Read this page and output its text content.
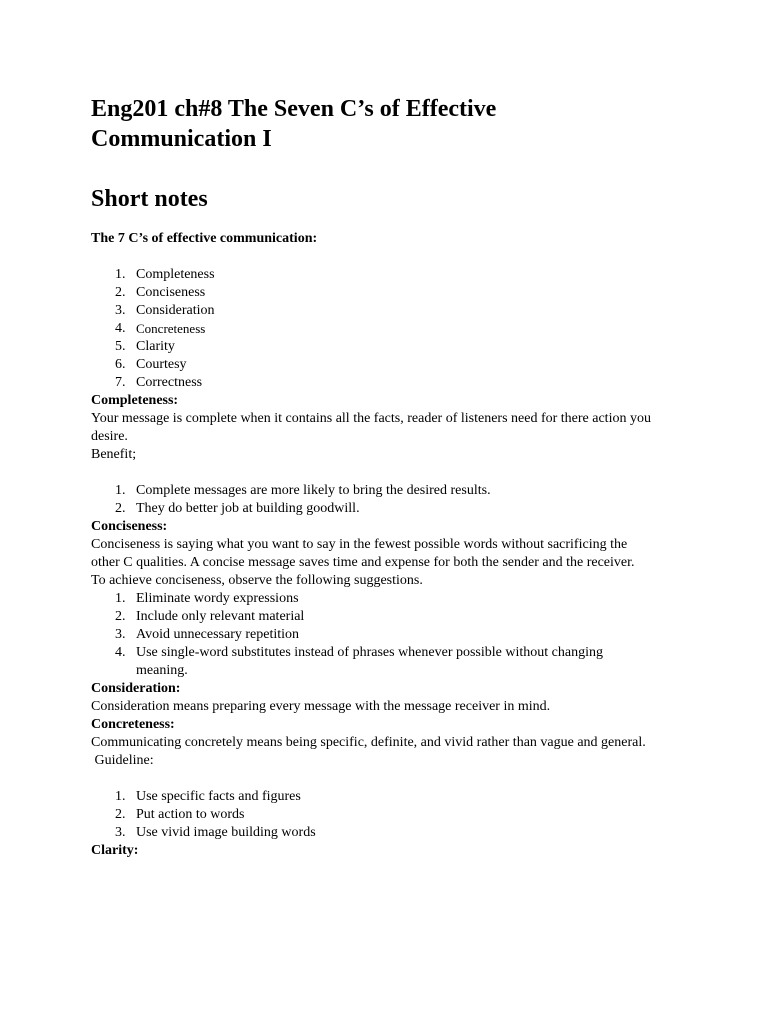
Eng201 ch#8 The Seven C’s of Effective
Communication I
Short notes
The 7 C’s of effective communication:
1. Completeness
2. Conciseness
3. Consideration
4. Concreteness
5. Clarity
6. Courtesy
7. Correctness
Completeness:
Your message is complete when it contains all the facts, reader of listeners need for there action you desire.
Benefit;
1. Complete messages are more likely to bring the desired results.
2. They do better job at building goodwill.
Conciseness:
Conciseness is saying what you want to say in the fewest possible words without sacrificing the other C qualities. A concise message saves time and expense for both the sender and the receiver.
To achieve conciseness, observe the following suggestions.
1. Eliminate wordy expressions
2. Include only relevant material
3. Avoid unnecessary repetition
4. Use single-word substitutes instead of phrases whenever possible without changing meaning.
Consideration:
Consideration means preparing every message with the message receiver in mind.
Concreteness:
Communicating concretely means being specific, definite, and vivid rather than vague and general.
Guideline:
1. Use specific facts and figures
2. Put action to words
3. Use vivid image building words
Clarity:
